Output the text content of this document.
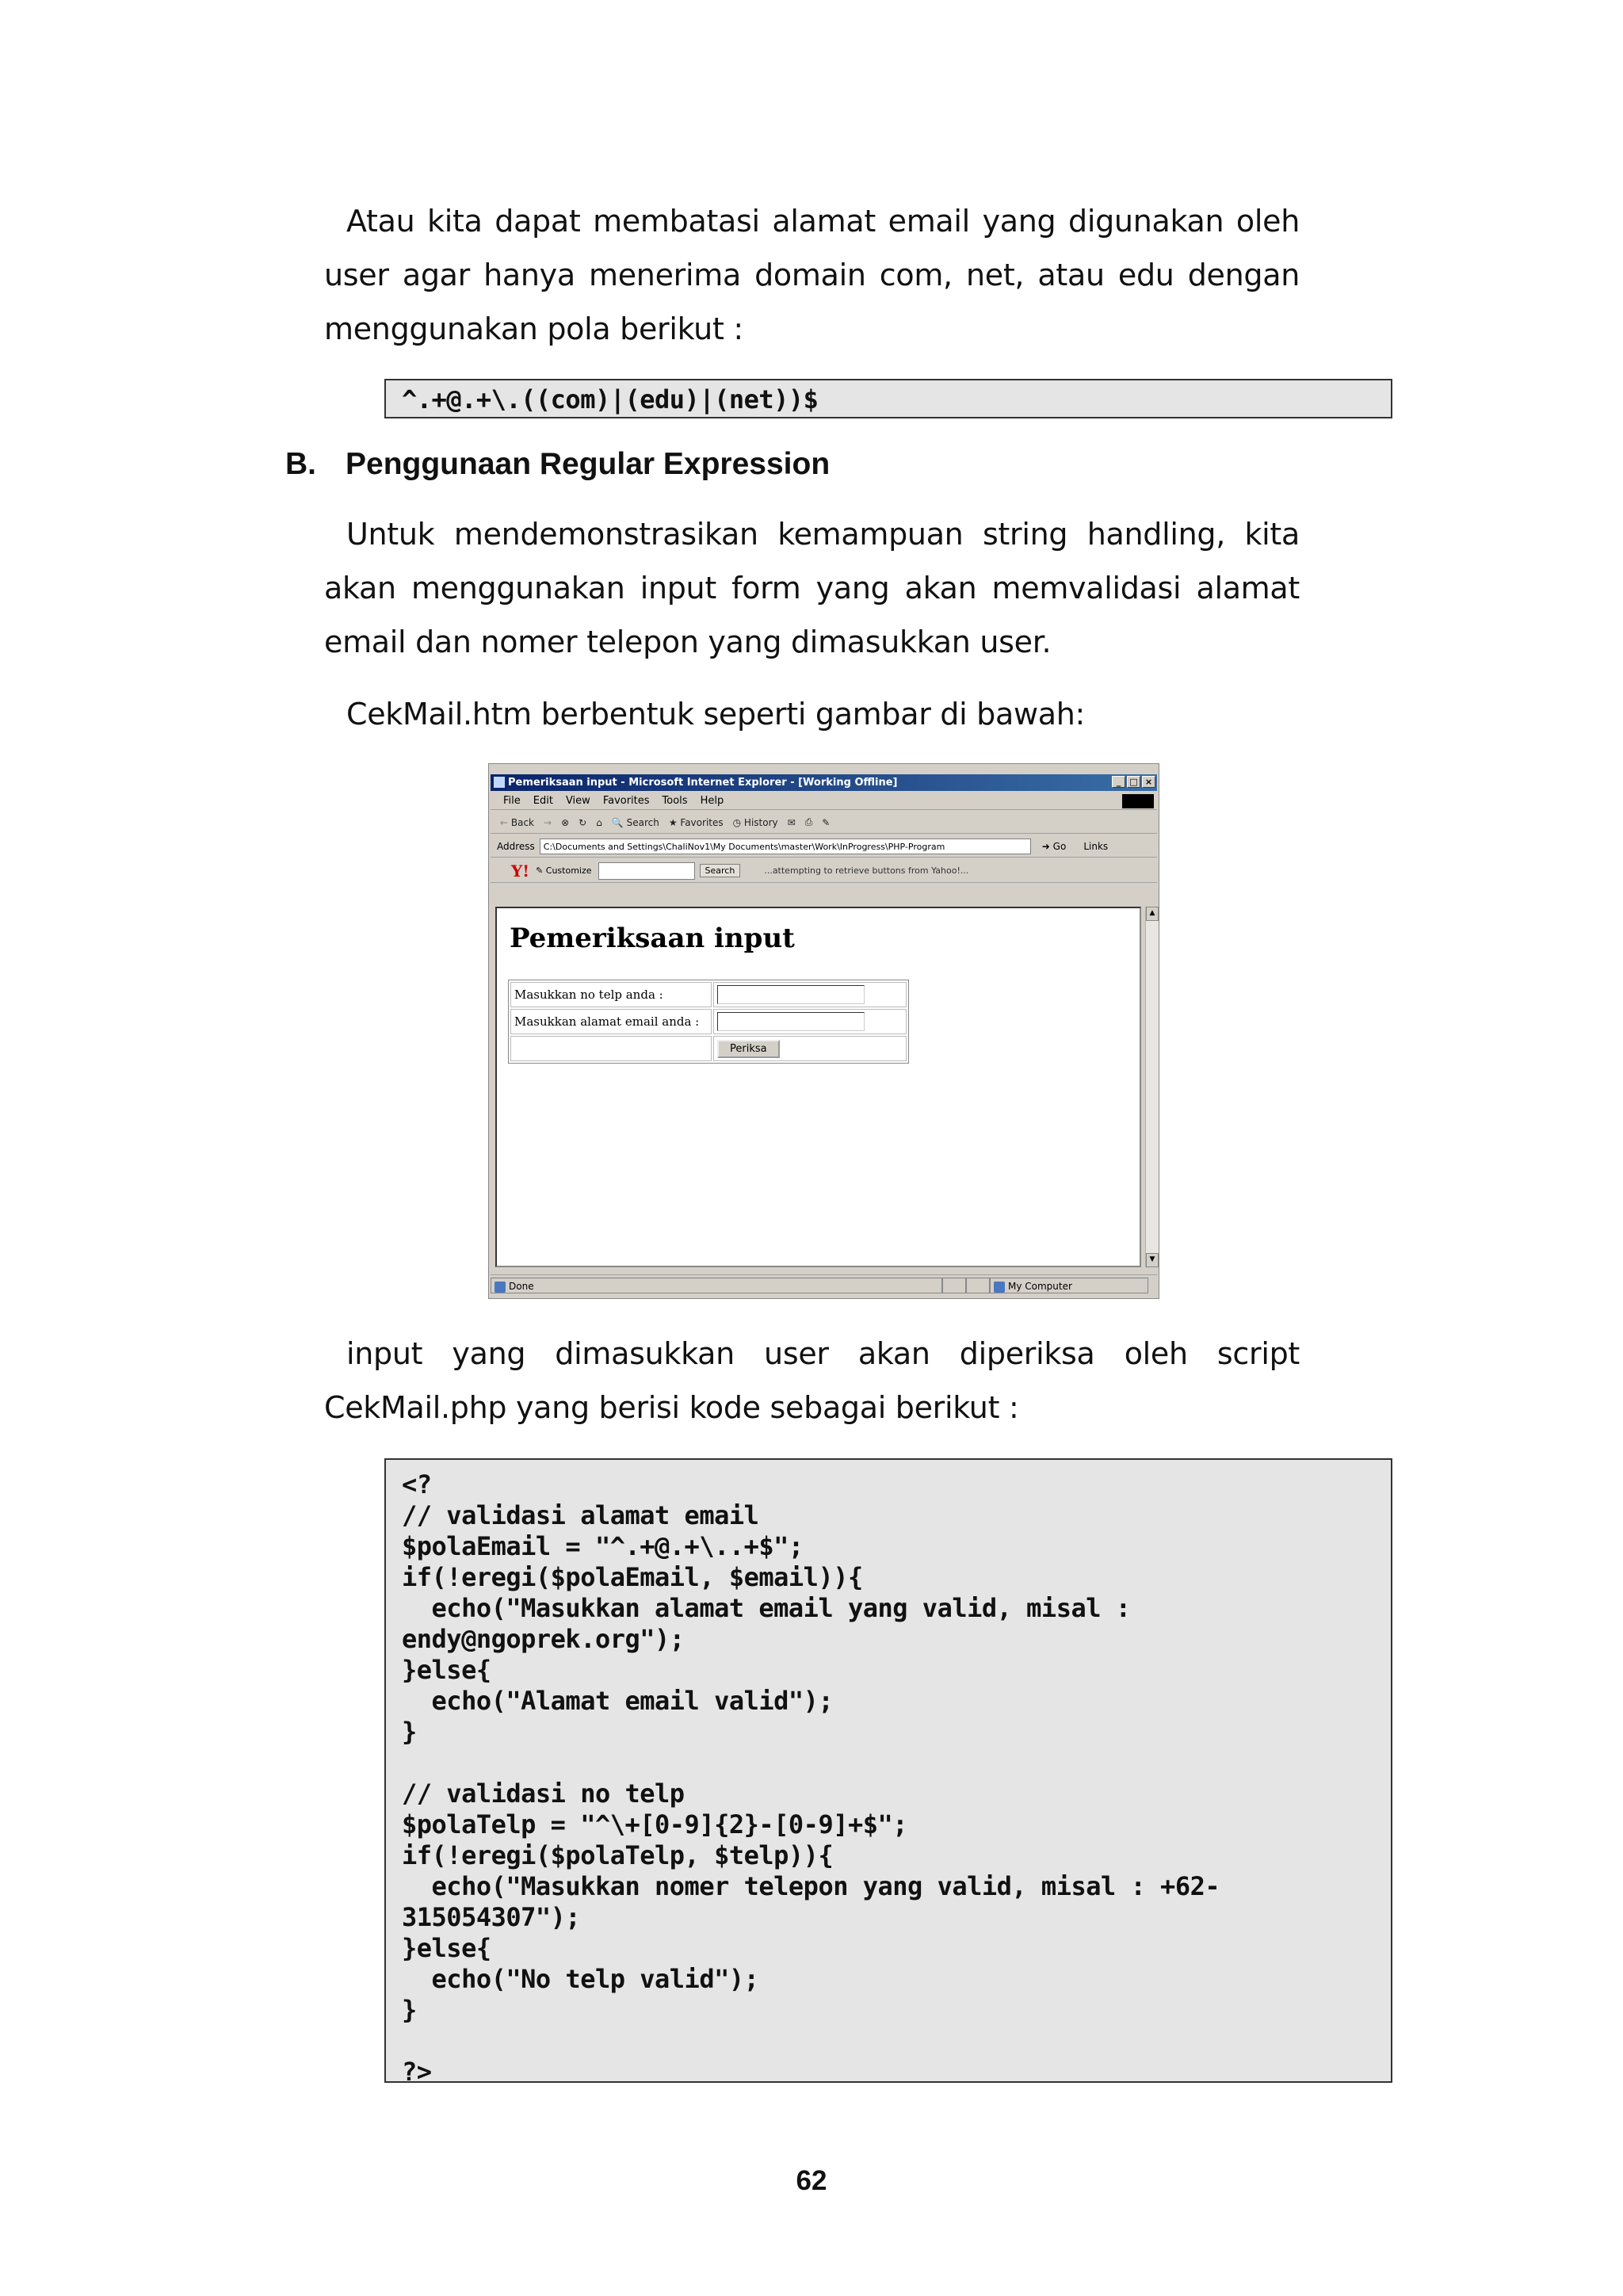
Atau kita dapat membatasi alamat email yang digunakan oleh user agar hanya menerima domain com, net, atau edu dengan menggunakan pola berikut :

^.+@.+\.((com)|(edu)|(net))$
B. Penggunaan Regular Expression

Untuk mendemonstrasikan kemampuan string handling, kita akan menggunakan input form yang akan memvalidasi alamat email dan nomer telepon yang dimasukkan user.

CekMail.htm berbentuk seperti gambar di bawah:

Pemeriksaan input - Microsoft Internet Explorer - [Working Offline]	_	□ ×
File Edit View Favorites Tools Help
← Back → ⊗ ↻ ⌂ 🔍 Search ★ Favorites ◷ History ✉ ⎙ ✎
Address	C:\Documents and Settings\ChaliNov1\My Documents\master\Work\InProgress\PHP-Program	➜ Go Links
Y! ✎ Customize	Search	...attempting to retrieve buttons from Yahoo!...
Pemeriksaan input
Masukkan no telp anda :	
Masukkan alamat email anda :	
	Periksa
▲
▼
Done	My Computer

input yang dimasukkan user akan diperiksa oleh script CekMail.php yang berisi kode sebagai berikut :

<?
// validasi alamat email
$polaEmail = "^.+@.+\..+$";
if(!eregi($polaEmail, $email)){
echo("Masukkan alamat email yang valid, misal :
endy@ngoprek.org");
}else{
echo("Alamat email valid");
}

// validasi no telp
$polaTelp = "^\+[0-9]{2}-[0-9]+$";
if(!eregi($polaTelp, $telp)){
echo("Masukkan nomer telepon yang valid, misal : +62-
315054307");
}else{
echo("No telp valid");
}

?>
62
